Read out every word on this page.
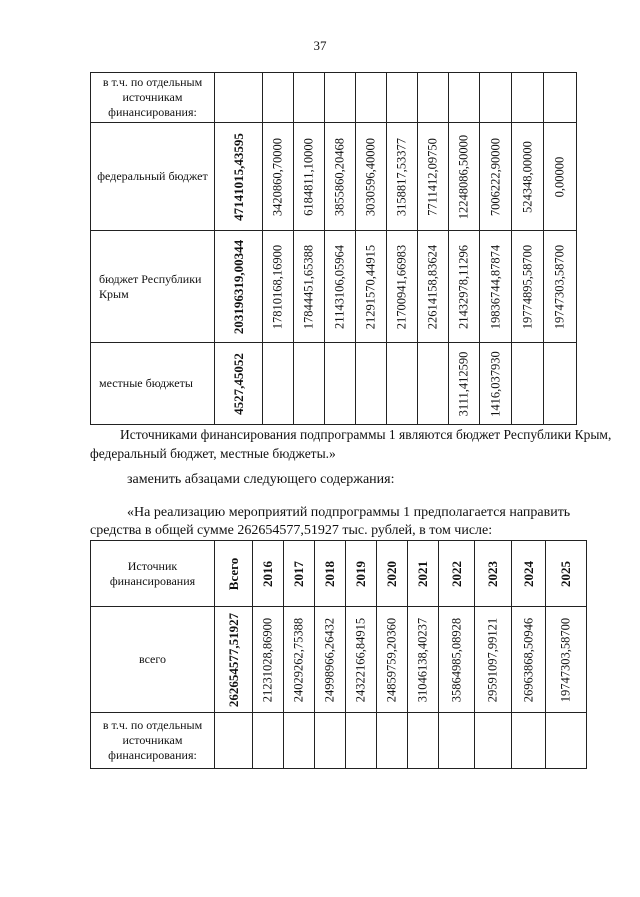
37
в т.ч. по отдельным источникам финансирования:	

федеральный бюджет	47141015,43595	3420860,70000	6184811,10000	3855860,20468	3030596,40000	3158817,53377	7711412,09750	12248086,50000	7006222,90000	524348,00000	0,00000

бюджет Республики Крым	203196319,00344	17810168,16900	17844451,65388	21143106,05964	21291570,44915	21700941,66983	22614158,83624	21432978,11296	19836744,87874	19774895,58700	19747303,58700

местные бюджеты	4527,45052							3111,412590	1416,037930		

Источниками финансирования подпрограммы 1 являются бюджет Республики Крым,
федеральный бюджет, местные бюджеты.»
заменить абзацами следующего содержания:
«На реализацию мероприятий подпрограммы 1 предполагается направить
средства в общей сумме 262654577,51927 тыс. рублей, в том числе:
Источник финансирования	Всего	2016	2017	2018	2019	2020	2021	2022	2023	2024	2025

всего	262654577,51927	21231028,86900	24029262,75388	24998966,26432	24322166,84915	24859759,20360	31046138,40237	35864985,08928	29591097,99121	26963868,50946	19747303,58700

в т.ч. по отдельным источникам финансирования:	
